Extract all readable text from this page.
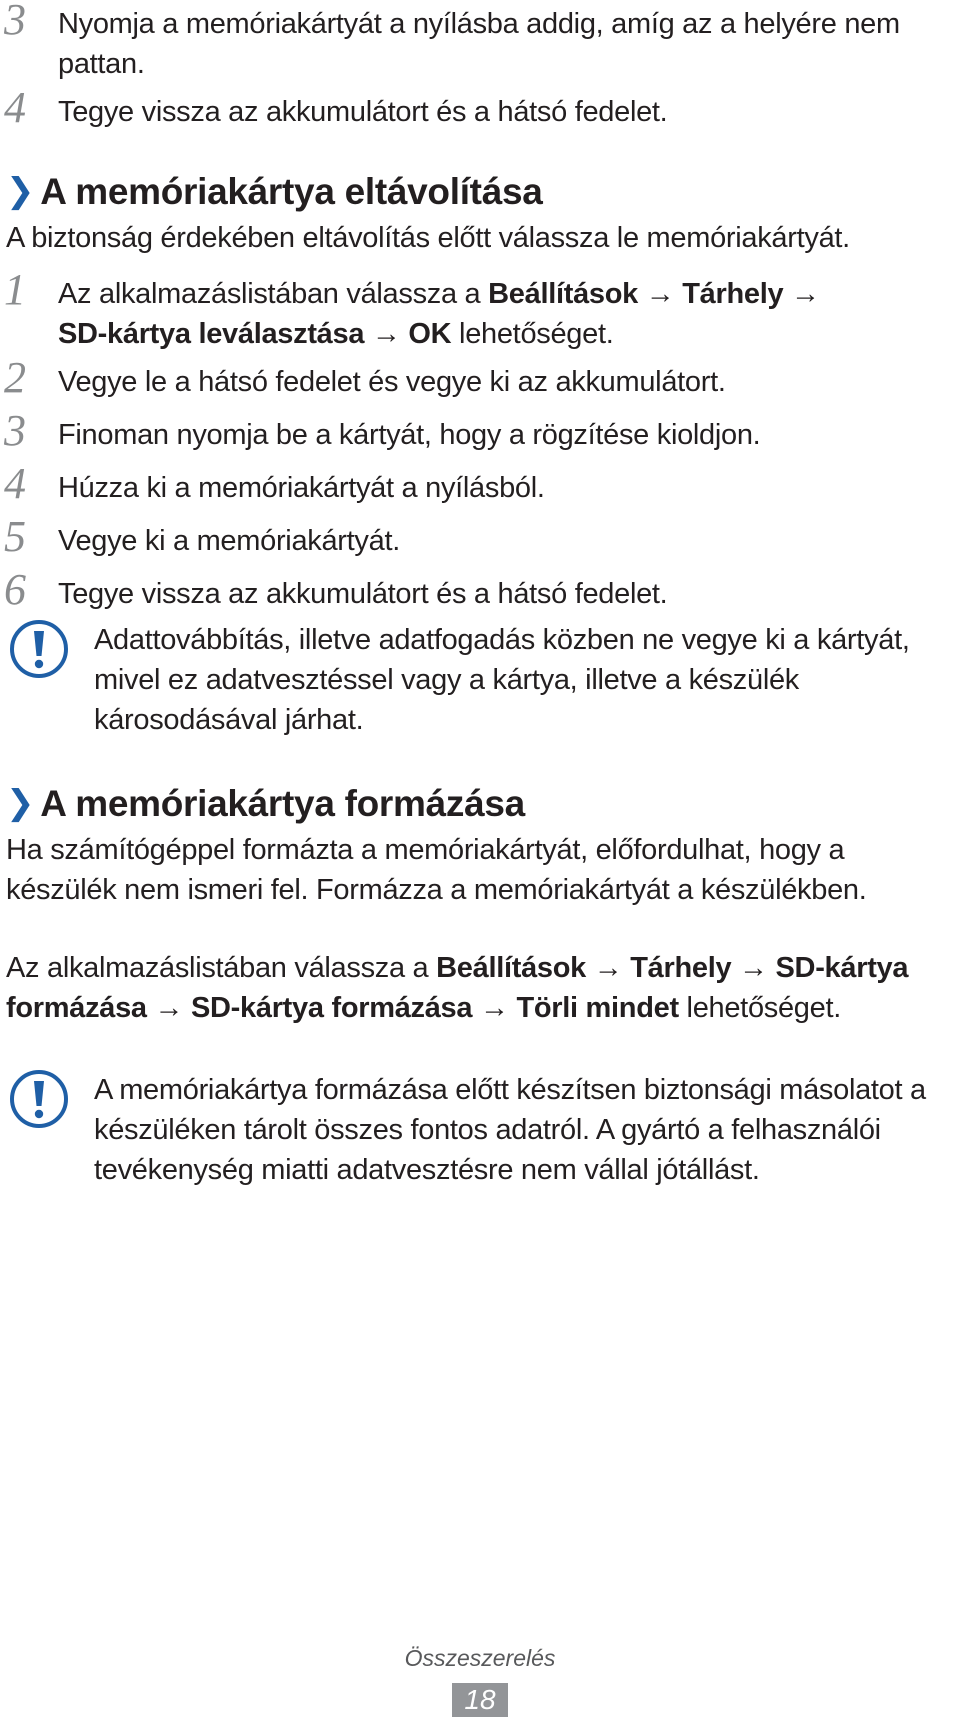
3 Nyomja a memóriakártyát a nyílásba addig, amíg az a helyére nem pattan.
4 Tegye vissza az akkumulátort és a hátsó fedelet.
❯ A memóriakártya eltávolítása
A biztonság érdekében eltávolítás előtt válassza le memóriakártyát.
1 Az alkalmazáslistában válassza a Beállítások → Tárhely →
SD-kártya leválasztása → OK lehetőséget.
2 Vegye le a hátsó fedelet és vegye ki az akkumulátort.
3 Finoman nyomja be a kártyát, hogy a rögzítése kioldjon.
4 Húzza ki a memóriakártyát a nyílásból.
5 Vegye ki a memóriakártyát.
6 Tegye vissza az akkumulátort és a hátsó fedelet.
Adattovábbítás, illetve adatfogadás közben ne vegye ki a kártyát, mivel ez adatvesztéssel vagy a kártya, illetve a készülék károsodásával járhat.
❯ A memóriakártya formázása
Ha számítógéppel formázta a memóriakártyát, előfordulhat, hogy a készülék nem ismeri fel. Formázza a memóriakártyát a készülékben.
Az alkalmazáslistában válassza a Beállítások → Tárhely → SD-kártya formázása → SD-kártya formázása → Törli mindet lehetőséget.
A memóriakártya formázása előtt készítsen biztonsági másolatot a készüléken tárolt összes fontos adatról. A gyártó a felhasználói tevékenység miatti adatvesztésre nem vállal jótállást.
Összeszerelés
18
